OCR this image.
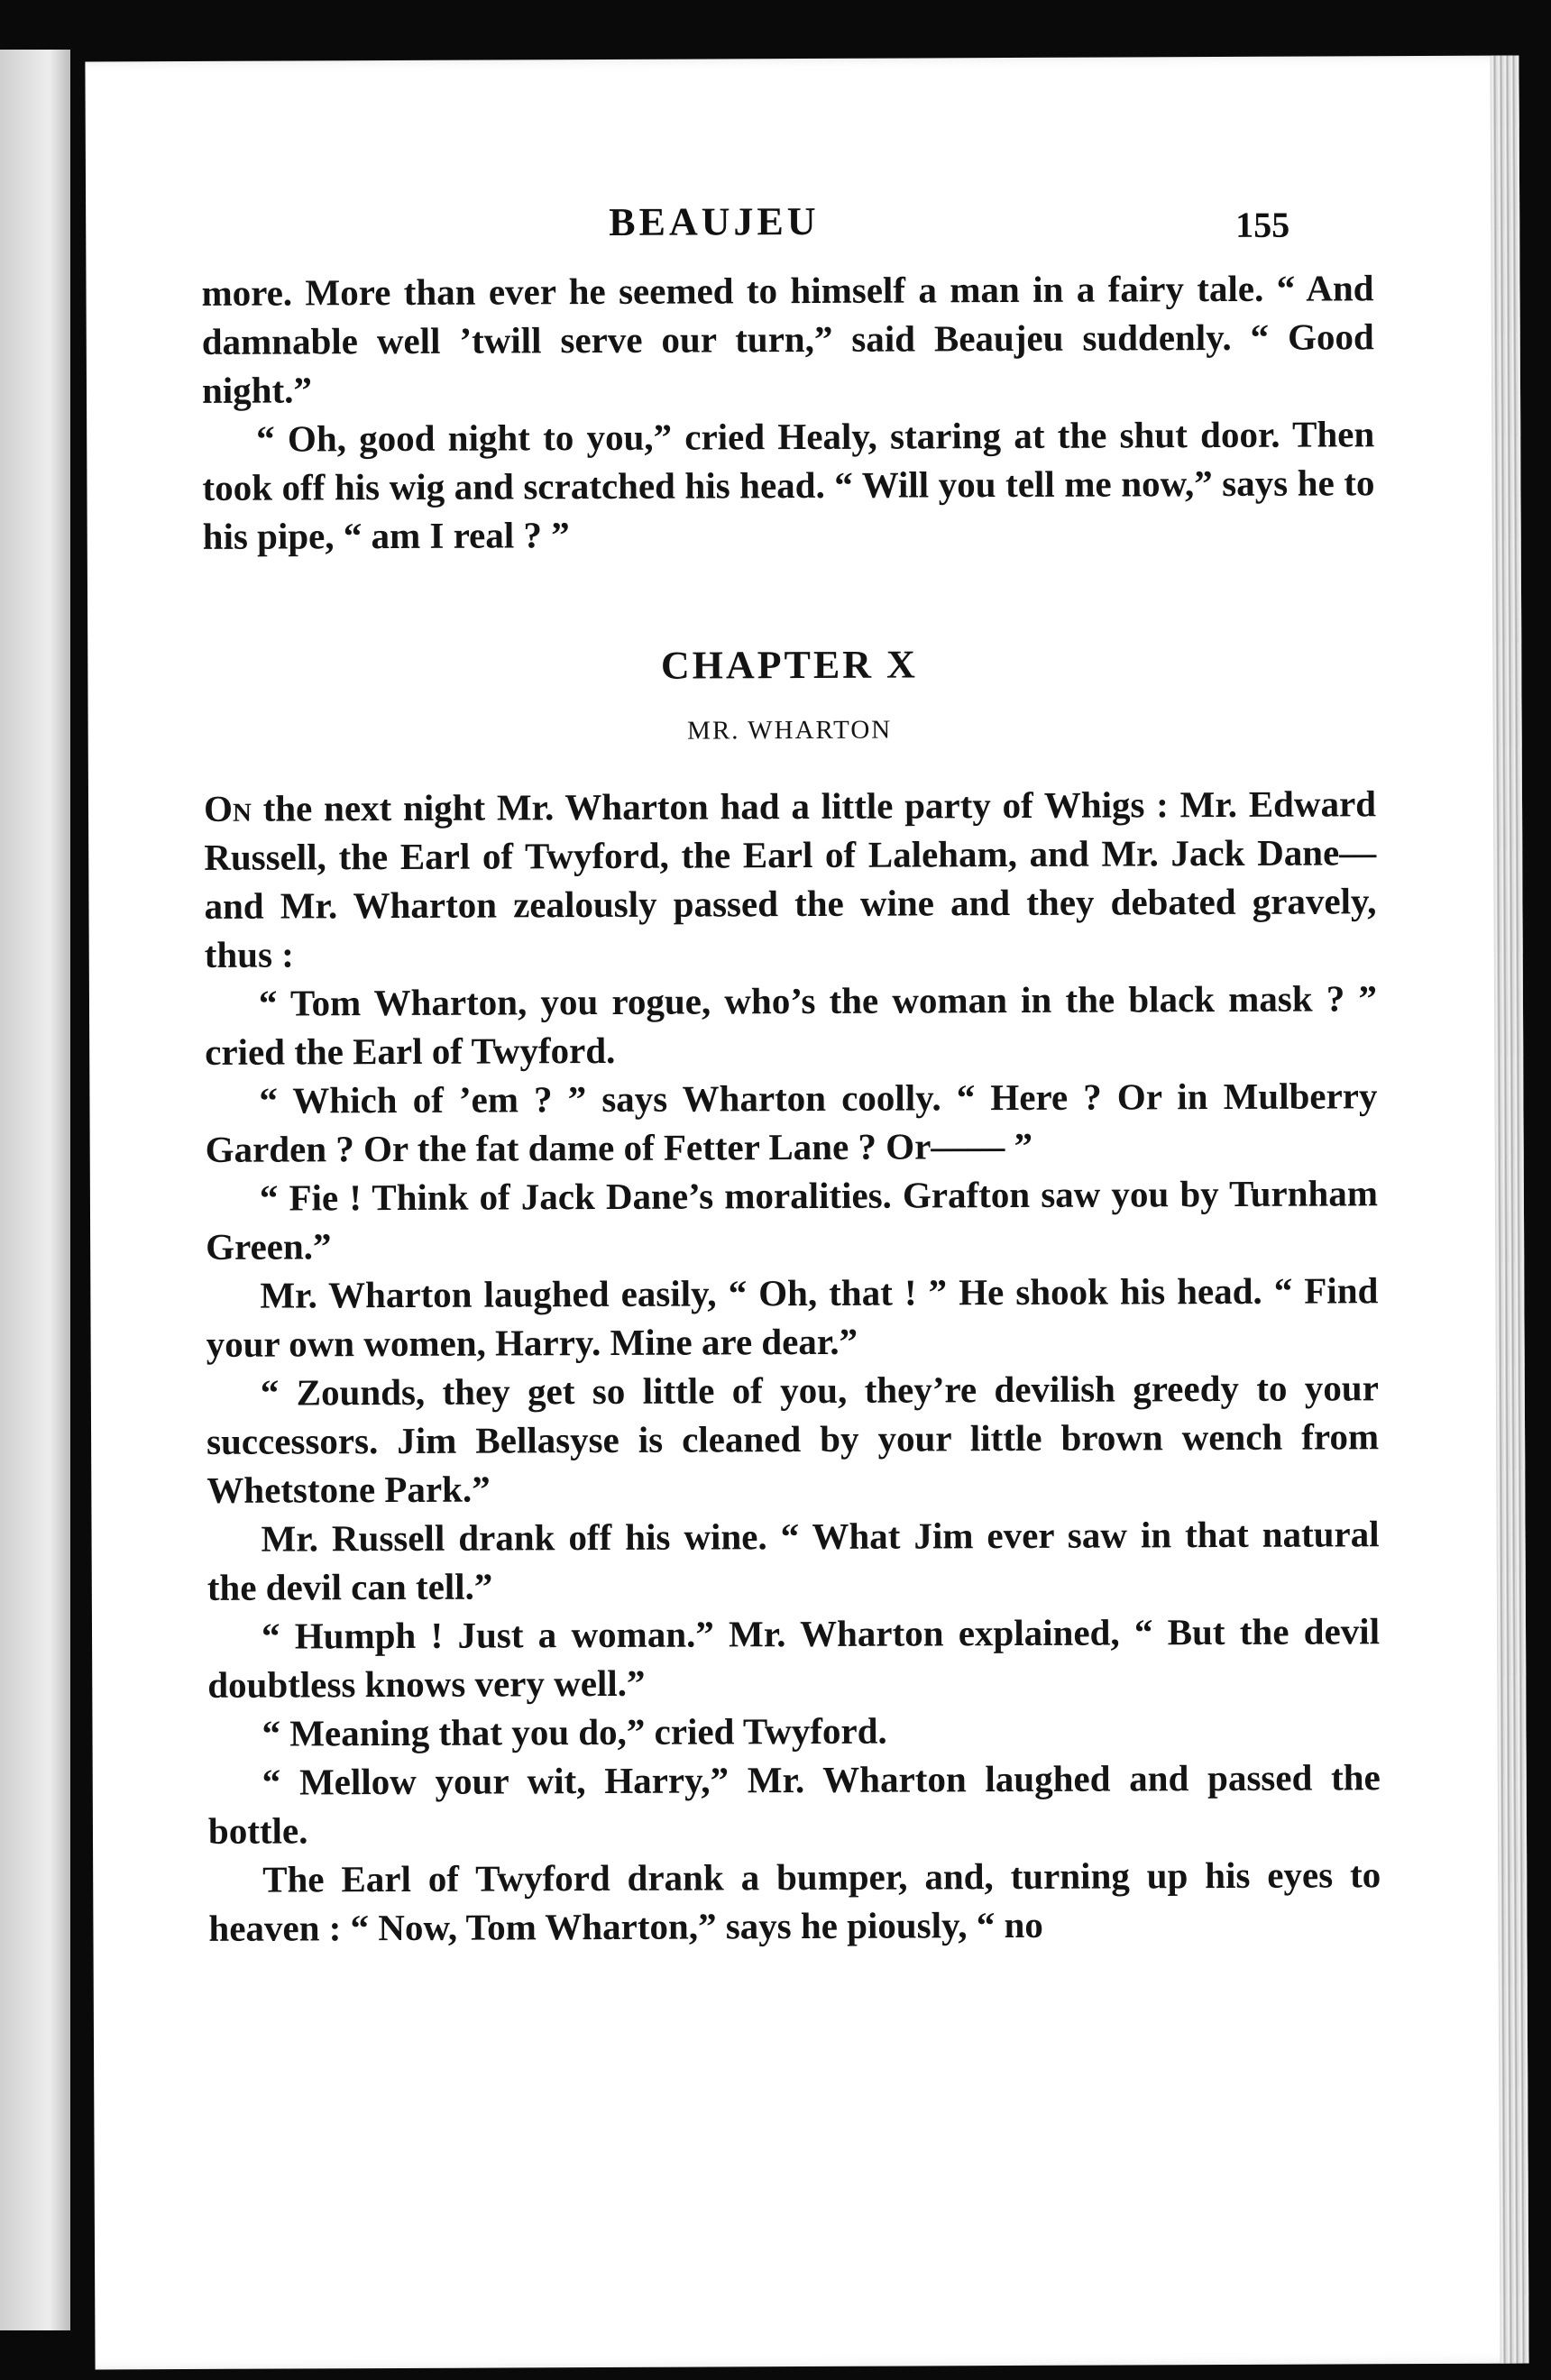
BEAUJEU	155

more. More than ever he seemed to himself a man in a fairy tale. “ And damnable well ’twill serve our turn,” said Beaujeu suddenly. “ Good night.”

“ Oh, good night to you,” cried Healy, staring at the shut door. Then took off his wig and scratched his head. “ Will you tell me now,” says he to his pipe, “ am I real ? ”

CHAPTER X

MR. WHARTON

On the next night Mr. Wharton had a little party of Whigs : Mr. Edward Russell, the Earl of Twyford, the Earl of Laleham, and Mr. Jack Dane—and Mr. Wharton zealously passed the wine and they debated gravely, thus :

“ Tom Wharton, you rogue, who’s the woman in the black mask ? ” cried the Earl of Twyford.

“ Which of ’em ? ” says Wharton coolly. “ Here ? Or in Mulberry Garden ? Or the fat dame of Fetter Lane ? Or—— ”

“ Fie ! Think of Jack Dane’s moralities. Grafton saw you by Turnham Green.”

Mr. Wharton laughed easily, “ Oh, that ! ” He shook his head. “ Find your own women, Harry. Mine are dear.”

“ Zounds, they get so little of you, they’re devilish greedy to your successors. Jim Bellasyse is cleaned by your little brown wench from Whetstone Park.”

Mr. Russell drank off his wine. “ What Jim ever saw in that natural the devil can tell.”

“ Humph ! Just a woman.” Mr. Wharton explained, “ But the devil doubtless knows very well.”

“ Meaning that you do,” cried Twyford.

“ Mellow your wit, Harry,” Mr. Wharton laughed and passed the bottle.

The Earl of Twyford drank a bumper, and, turning up his eyes to heaven : “ Now, Tom Wharton,” says he piously, “ no
